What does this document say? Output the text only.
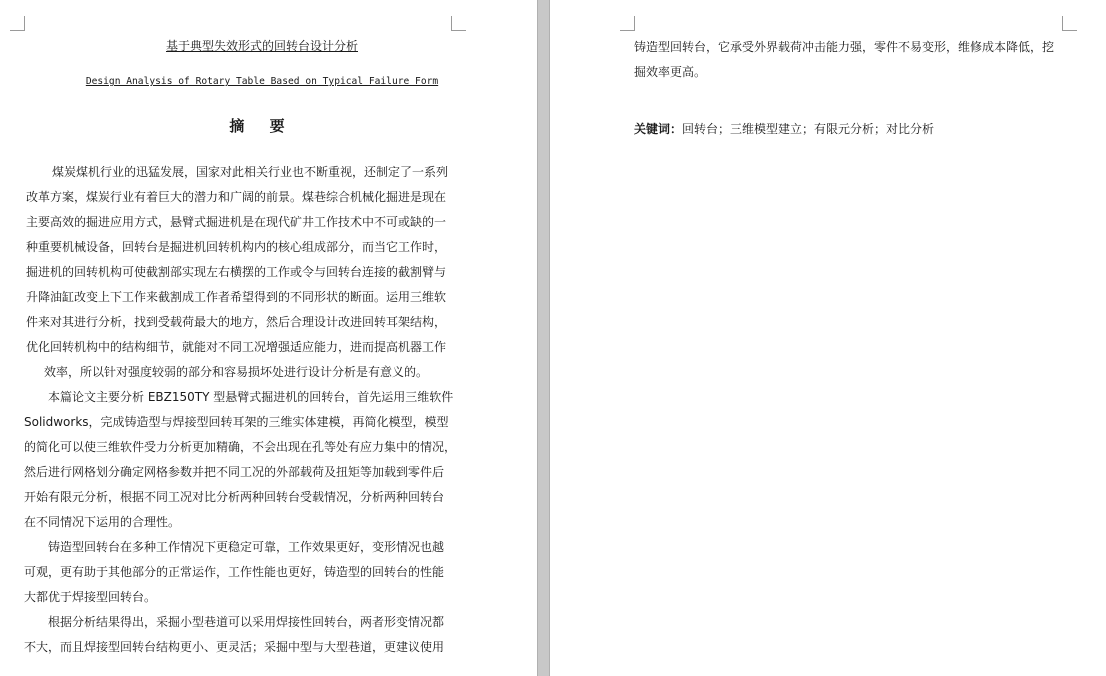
基于典型失效形式的回转台设计分析
Design Analysis of Rotary Table Based on Typical Failure Form
摘 要
煤炭煤机行业的迅猛发展，国家对此相关行业也不断重视，还制定了一系列
改革方案，煤炭行业有着巨大的潜力和广阔的前景。煤巷综合机械化掘进是现在
主要高效的掘进应用方式，悬臂式掘进机是在现代矿井工作技术中不可或缺的一
种重要机械设备，回转台是掘进机回转机构内的核心组成部分，而当它工作时，
掘进机的回转机构可使截割部实现左右横摆的工作或令与回转台连接的截割臂与
升降油缸改变上下工作来截割成工作者希望得到的不同形状的断面。运用三维软
件来对其进行分析，找到受载荷最大的地方，然后合理设计改进回转耳架结构，
优化回转机构中的结构细节，就能对不同工况增强适应能力，进而提高机器工作
效率，所以针对强度较弱的部分和容易损坏处进行设计分析是有意义的。
本篇论文主要分析 EBZ150TY 型悬臂式掘进机的回转台，首先运用三维软件
Solidworks，完成铸造型与焊接型回转耳架的三维实体建模，再简化模型，模型
的简化可以使三维软件受力分析更加精确，不会出现在孔等处有应力集中的情况，
然后进行网格划分确定网格参数并把不同工况的外部载荷及扭矩等加载到零件后
开始有限元分析，根据不同工况对比分析两种回转台受载情况，分析两种回转台
在不同情况下运用的合理性。
铸造型回转台在多种工作情况下更稳定可靠，工作效果更好，变形情况也越
可观，更有助于其他部分的正常运作，工作性能也更好，铸造型的回转台的性能
大都优于焊接型回转台。
根据分析结果得出，采掘小型巷道可以采用焊接性回转台，两者形变情况都
不大，而且焊接型回转台结构更小、更灵活；采掘中型与大型巷道，更建议使用
铸造型回转台，它承受外界载荷冲击能力强，零件不易变形，维修成本降低，挖
掘效率更高。
关键词：回转台；三维模型建立；有限元分析；对比分析
